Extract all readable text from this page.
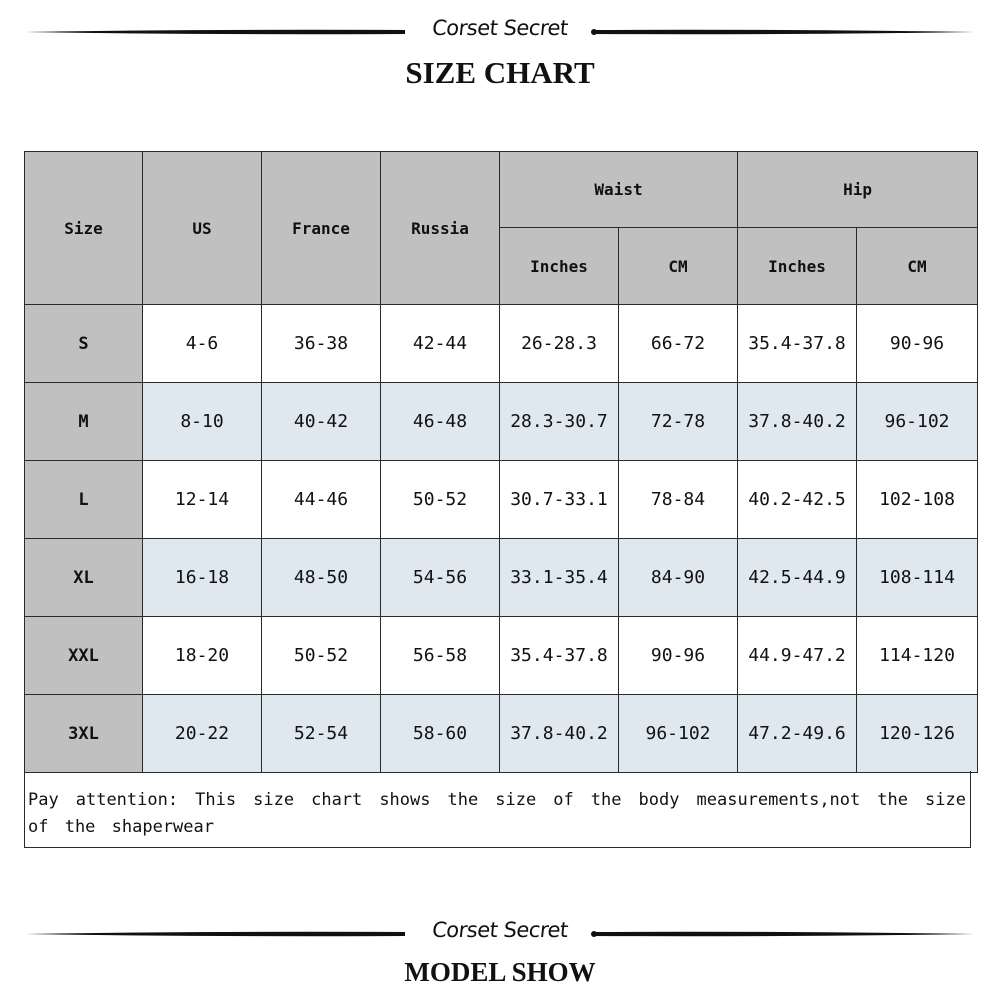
Corset Secret
SIZE CHART
Size	US	France	Russia	Waist		Hip	
				Inches	CM	Inches	CM
S	4-6	36-38	42-44	26-28.3	66-72	35.4-37.8	90-96
M	8-10	40-42	46-48	28.3-30.7	72-78	37.8-40.2	96-102
L	12-14	44-46	50-52	30.7-33.1	78-84	40.2-42.5	102-108
XL	16-18	48-50	54-56	33.1-35.4	84-90	42.5-44.9	108-114
XXL	18-20	50-52	56-58	35.4-37.8	90-96	44.9-47.2	114-120
3XL	20-22	52-54	58-60	37.8-40.2	96-102	47.2-49.6	120-126
Pay attention: This size chart shows the size of the body measurements,not the size of the shaperwear
Corset Secret
MODEL SHOW
